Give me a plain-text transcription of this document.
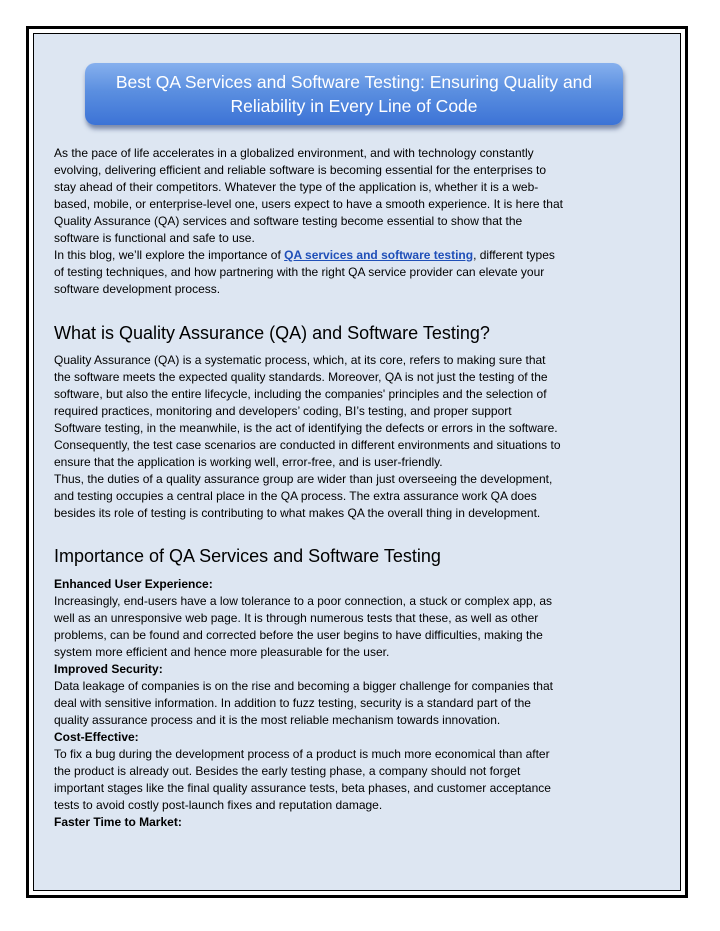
Best QA Services and Software Testing: Ensuring Quality and
Reliability in Every Line of Code
As the pace of life accelerates in a globalized environment, and with technology constantly
evolving, delivering efficient and reliable software is becoming essential for the enterprises to
stay ahead of their competitors. Whatever the type of the application is, whether it is a web-
based, mobile, or enterprise-level one, users expect to have a smooth experience. It is here that
Quality Assurance (QA) services and software testing become essential to show that the
software is functional and safe to use.
In this blog, we’ll explore the importance of QA services and software testing, different types
of testing techniques, and how partnering with the right QA service provider can elevate your
software development process.
What is Quality Assurance (QA) and Software Testing?
Quality Assurance (QA) is a systematic process, which, at its core, refers to making sure that
the software meets the expected quality standards. Moreover, QA is not just the testing of the
software, but also the entire lifecycle, including the companies' principles and the selection of
required practices, monitoring and developers’ coding, BI’s testing, and proper support
Software testing, in the meanwhile, is the act of identifying the defects or errors in the software.
Consequently, the test case scenarios are conducted in different environments and situations to
ensure that the application is working well, error-free, and is user-friendly.
Thus, the duties of a quality assurance group are wider than just overseeing the development,
and testing occupies a central place in the QA process. The extra assurance work QA does
besides its role of testing is contributing to what makes QA the overall thing in development.
Importance of QA Services and Software Testing
Enhanced User Experience:
Increasingly, end-users have a low tolerance to a poor connection, a stuck or complex app, as
well as an unresponsive web page. It is through numerous tests that these, as well as other
problems, can be found and corrected before the user begins to have difficulties, making the
system more efficient and hence more pleasurable for the user.
Improved Security:
Data leakage of companies is on the rise and becoming a bigger challenge for companies that
deal with sensitive information. In addition to fuzz testing, security is a standard part of the
quality assurance process and it is the most reliable mechanism towards innovation.
Cost-Effective:
To fix a bug during the development process of a product is much more economical than after
the product is already out. Besides the early testing phase, a company should not forget
important stages like the final quality assurance tests, beta phases, and customer acceptance
tests to avoid costly post-launch fixes and reputation damage.
Faster Time to Market:
